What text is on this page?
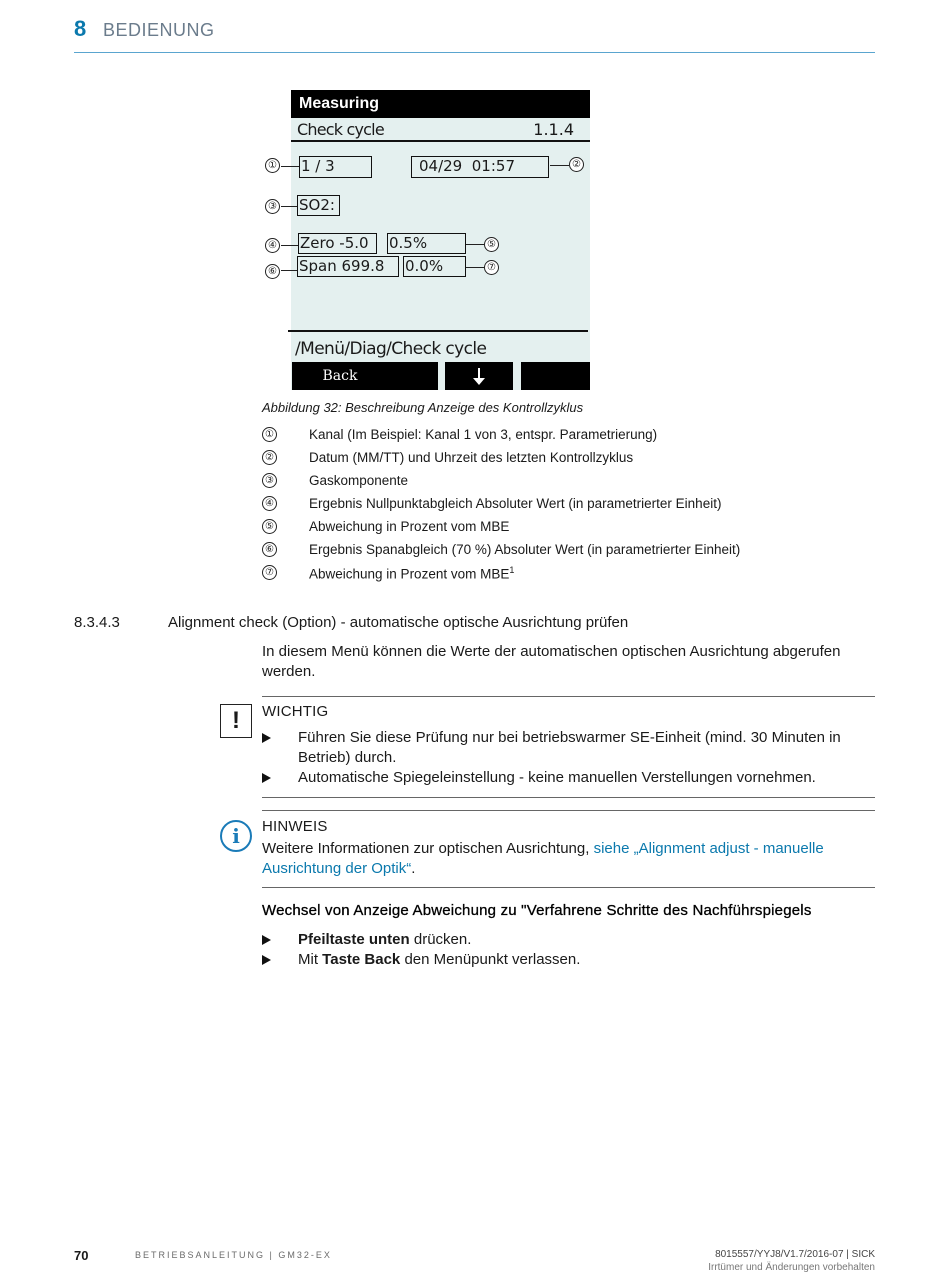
8 BEDIENUNG
Measuring
Check cycle	1.1.4
1 / 3	04/29  01:57
SO2:
Zero -5.0	0.5%
Span 699.8	0.0%
/Menü/Diag/Check cycle
Back
①	②
③
④	⑤
⑥	⑦
Abbildung 32: Beschreibung Anzeige des Kontrollzyklus
①	Kanal (Im Beispiel: Kanal 1 von 3, entspr. Parametrierung)
②	Datum (MM/TT) und Uhrzeit des letzten Kontrollzyklus
③	Gaskomponente
④	Ergebnis Nullpunktabgleich Absoluter Wert (in parametrierter Einheit)
⑤	Abweichung in Prozent vom MBE
⑥	Ergebnis Spanabgleich (70 %) Absoluter Wert (in parametrierter Einheit)
⑦	Abweichung in Prozent vom MBE$^1$
8.3.4.3	Alignment check (Option) - automatische optische Ausrichtung prüfen
In diesem Menü können die Werte der automatischen optischen Ausrichtung abgerufen werden.
!	WICHTIG
Führen Sie diese Prüfung nur bei betriebswarmer SE-Einheit (mind. 30 Minuten in Betrieb) durch.
Automatische Spiegeleinstellung - keine manuellen Verstellungen vornehmen.
i	HINWEIS
Weitere Informationen zur optischen Ausrichtung, siehe „Alignment adjust - manuelle Ausrichtung der Optik“.
Wechsel von Anzeige Abweichung zu "Verfahrene Schritte des Nachführspiegels
Pfeiltaste unten drücken.
Mit Taste Back den Menüpunkt verlassen.
70	BETRIEBSANLEITUNG | GM32-EX	8015557/YYJ8/V1.7/2016-07 | SICK
Irrtümer und Änderungen vorbehalten
